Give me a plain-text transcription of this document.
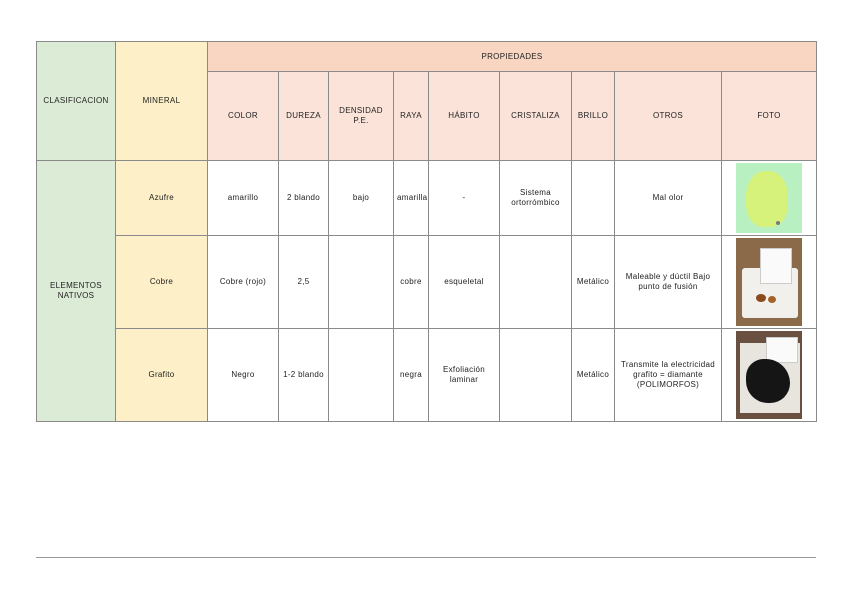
CLASIFICACION	MINERAL	PROPIEDADES								
		COLOR	DUREZA	DENSIDAD P.E.	RAYA	HÁBITO	CRISTALIZA	BRILLO	OTROS	FOTO
ELEMENTOS NATIVOS	Azufre	amarillo	2 blando	bajo	amarilla	-	Sistema ortorrómbico		Mal olor	

	Cobre	Cobre (rojo)	2,5		cobre	esqueletal		Metálico	Maleable y dúctil Bajo punto de fusión	

	Grafito	Negro	1-2 blando		negra	Exfoliación laminar		Metálico	Transmite la electricidad grafito = diamante (POLIMORFOS)	
